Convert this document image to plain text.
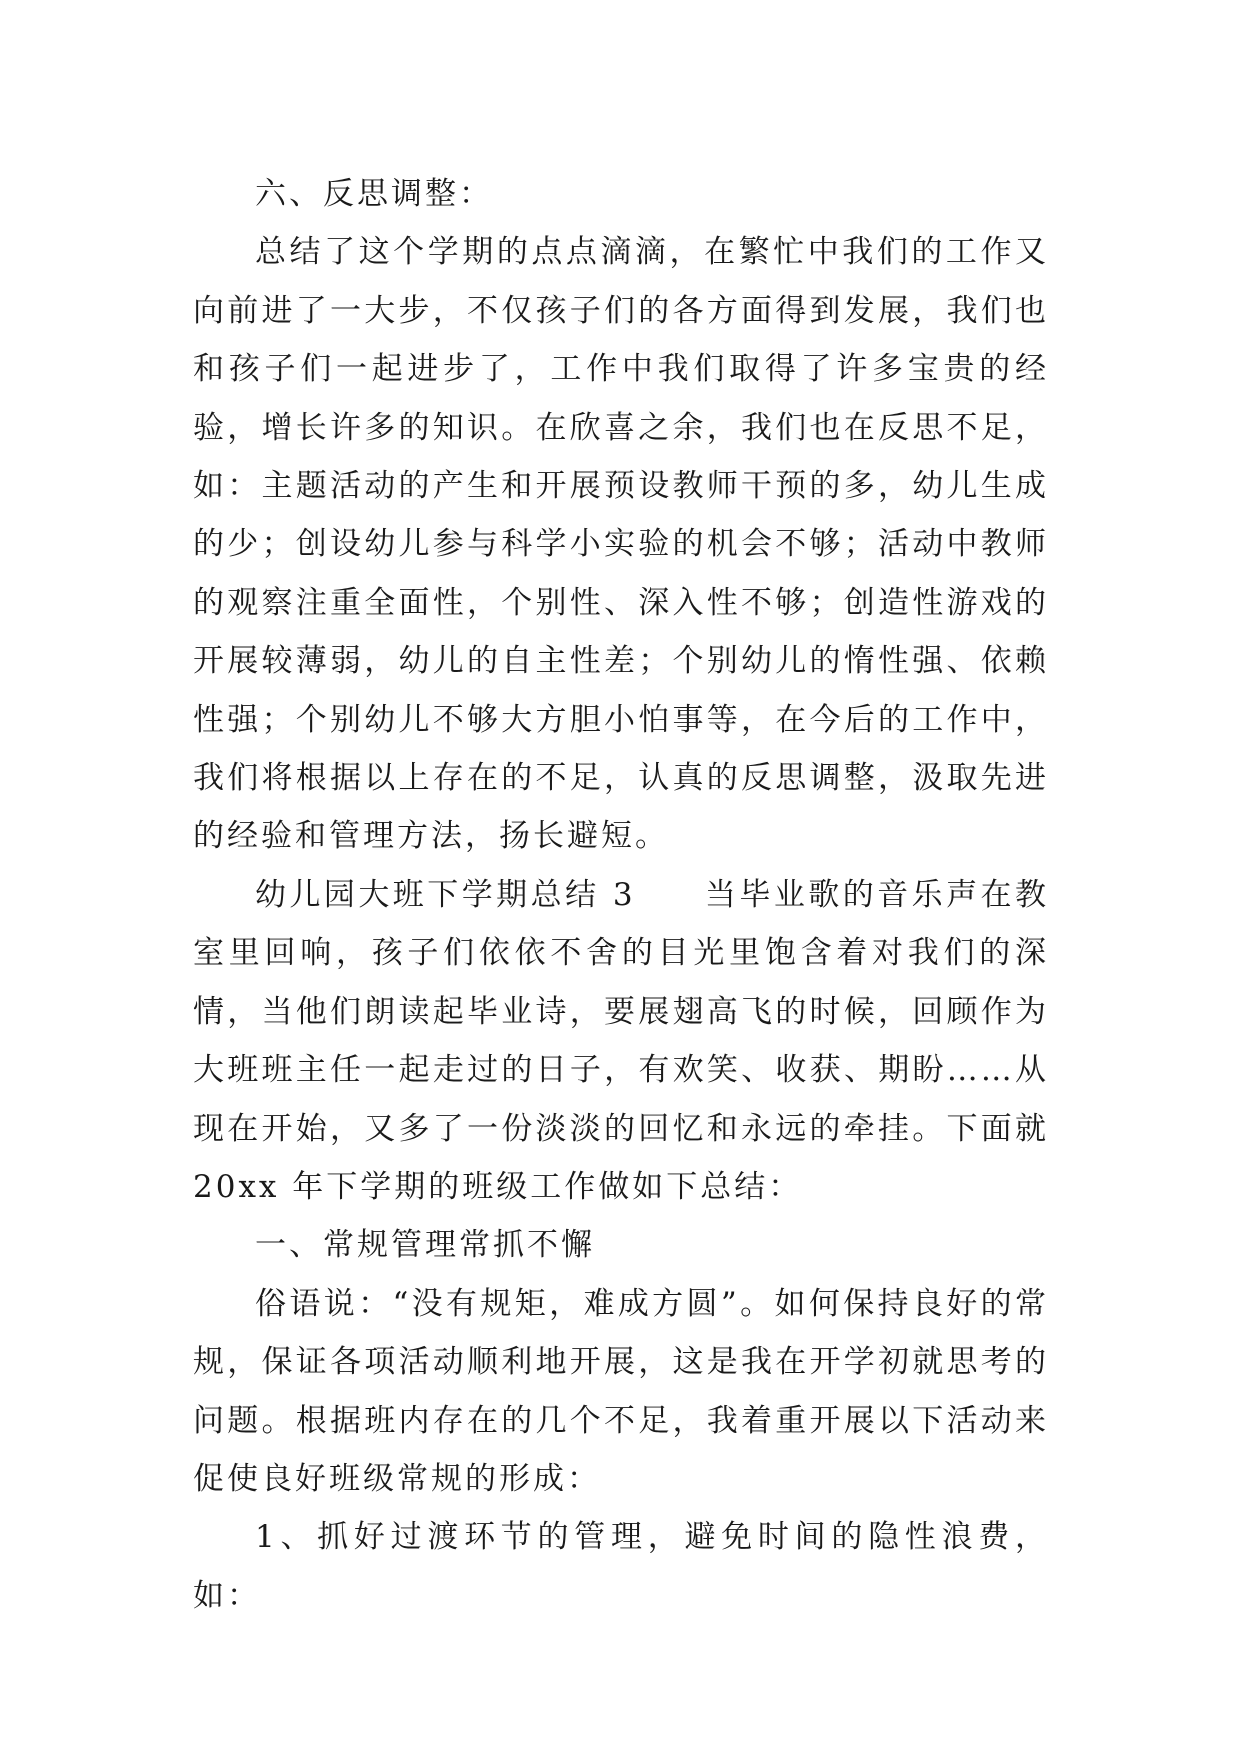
六、反思调整：

总结了这个学期的点点滴滴，在繁忙中我们的工作又向前进了一大步，不仅孩子们的各方面得到发展，我们也和孩子们一起进步了，工作中我们取得了许多宝贵的经验，增长许多的知识。在欣喜之余，我们也在反思不足，如：主题活动的产生和开展预设教师干预的多，幼儿生成的少；创设幼儿参与科学小实验的机会不够；活动中教师的观察注重全面性，个别性、深入性不够；创造性游戏的开展较薄弱，幼儿的自主性差；个别幼儿的惰性强、依赖性强；个别幼儿不够大方胆小怕事等，在今后的工作中，我们将根据以上存在的不足，认真的反思调整，汲取先进的经验和管理方法，扬长避短。

幼儿园大班下学期总结 3　　当毕业歌的音乐声在教室里回响，孩子们依依不舍的目光里饱含着对我们的深情，当他们朗读起毕业诗，要展翅高飞的时候，回顾作为大班班主任一起走过的日子，有欢笑、收获、期盼……从现在开始，又多了一份淡淡的回忆和永远的牵挂。下面就 20xx 年下学期的班级工作做如下总结：

一、常规管理常抓不懈

俗语说：“没有规矩，难成方圆”。如何保持良好的常规，保证各项活动顺利地开展，这是我在开学初就思考的问题。根据班内存在的几个不足，我着重开展以下活动来促使良好班级常规的形成：

1、抓好过渡环节的管理，避免时间的隐性浪费，如：
